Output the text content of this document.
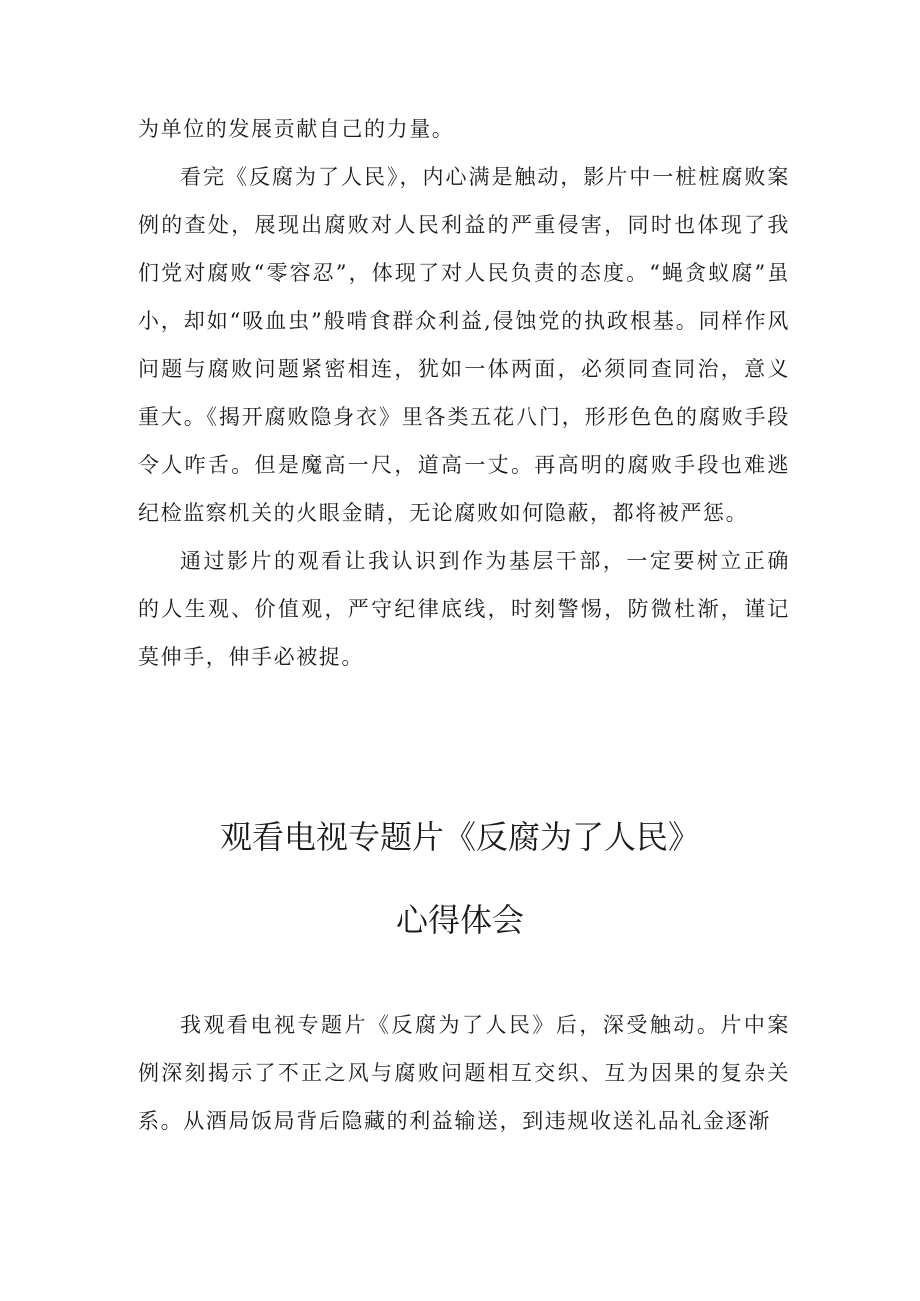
为单位的发展贡献自己的力量。

看完《反腐为了人民》，内心满是触动，影片中一桩桩腐败案例的查处，展现出腐败对人民利益的严重侵害，同时也体现了我们党对腐败“零容忍”，体现了对人民负责的态度。“蝇贪蚁腐”虽小，却如“吸血虫”般啃食群众利益,侵蚀党的执政根基。同样作风问题与腐败问题紧密相连，犹如一体两面，必须同查同治，意义重大。《揭开腐败隐身衣》里各类五花八门，形形色色的腐败手段令人咋舌。但是魔高一尺，道高一丈。再高明的腐败手段也难逃纪检监察机关的火眼金睛，无论腐败如何隐蔽，都将被严惩。

通过影片的观看让我认识到作为基层干部，一定要树立正确的人生观、价值观，严守纪律底线，时刻警惕，防微杜渐，谨记莫伸手，伸手必被捉。

观看电视专题片《反腐为了人民》
心得体会

我观看电视专题片《反腐为了人民》后，深受触动。片中案例深刻揭示了不正之风与腐败问题相互交织、互为因果的复杂关系。从酒局饭局背后隐藏的利益输送，到违规收送礼品礼金逐渐
